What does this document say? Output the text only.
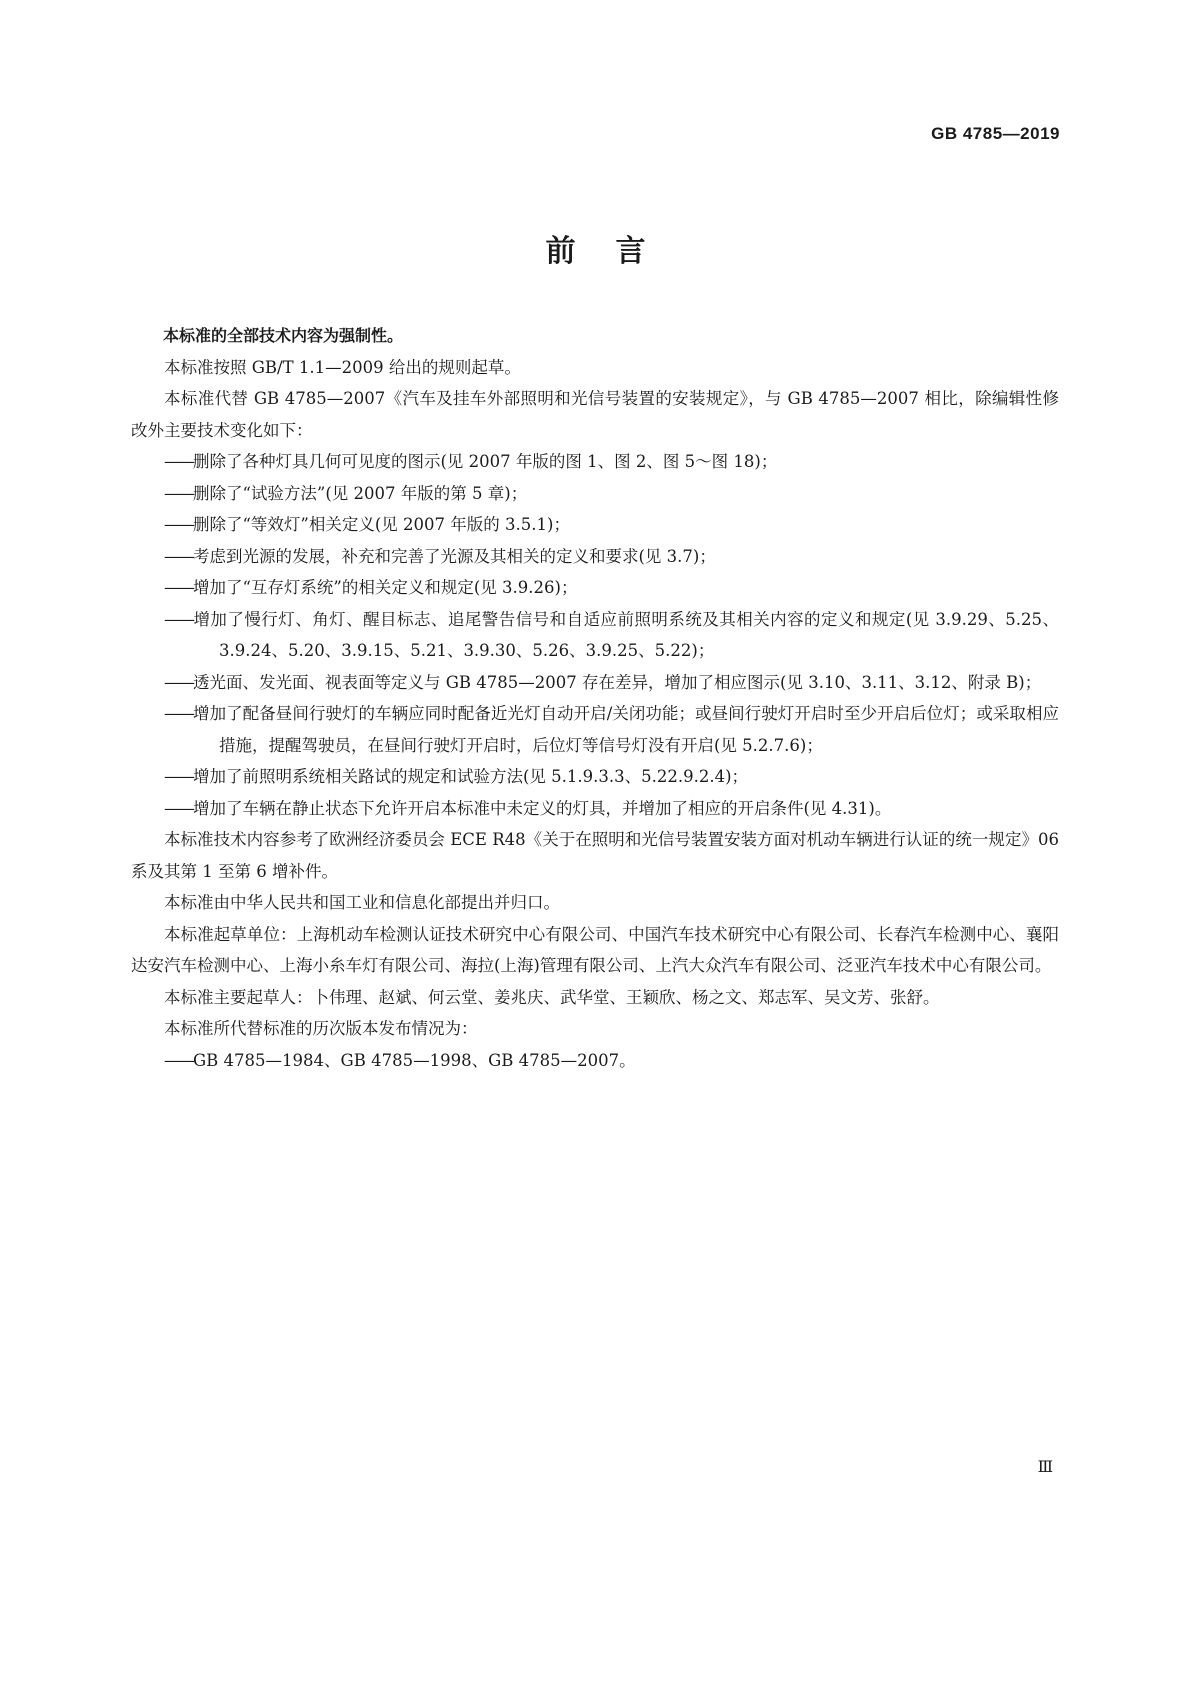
GB 4785—2019
前言

本标准的全部技术内容为强制性。

本标准按照 GB/T 1.1—2009 给出的规则起草。

本标准代替 GB 4785—2007《汽车及挂车外部照明和光信号装置的安装规定》，与 GB 4785—2007 相比，除编辑性修改外主要技术变化如下：

——删除了各种灯具几何可见度的图示(见 2007 年版的图 1、图 2、图 5～图 18)；

——删除了“试验方法”(见 2007 年版的第 5 章)；

——删除了“等效灯”相关定义(见 2007 年版的 3.5.1)；

——考虑到光源的发展，补充和完善了光源及其相关的定义和要求(见 3.7)；

——增加了“互存灯系统”的相关定义和规定(见 3.9.26)；

——增加了慢行灯、角灯、醒目标志、追尾警告信号和自适应前照明系统及其相关内容的定义和规定(见 3.9.29、5.25、3.9.24、5.20、3.9.15、5.21、3.9.30、5.26、3.9.25、5.22)；

——透光面、发光面、视表面等定义与 GB 4785—2007 存在差异，增加了相应图示(见 3.10、3.11、3.12、附录 B)；

——增加了配备昼间行驶灯的车辆应同时配备近光灯自动开启/关闭功能；或昼间行驶灯开启时至少开启后位灯；或采取相应措施，提醒驾驶员，在昼间行驶灯开启时，后位灯等信号灯没有开启(见 5.2.7.6)；

——增加了前照明系统相关路试的规定和试验方法(见 5.1.9.3.3、5.22.9.2.4)；

——增加了车辆在静止状态下允许开启本标准中未定义的灯具，并增加了相应的开启条件(见 4.31)。

本标准技术内容参考了欧洲经济委员会 ECE R48《关于在照明和光信号装置安装方面对机动车辆进行认证的统一规定》06 系及其第 1 至第 6 增补件。

本标准由中华人民共和国工业和信息化部提出并归口。

本标准起草单位：上海机动车检测认证技术研究中心有限公司、中国汽车技术研究中心有限公司、长春汽车检测中心、襄阳达安汽车检测中心、上海小糸车灯有限公司、海拉(上海)管理有限公司、上汽大众汽车有限公司、泛亚汽车技术中心有限公司。

本标准主要起草人：卜伟理、赵斌、何云堂、姜兆庆、武华堂、王颖欣、杨之文、郑志军、吴文芳、张舒。

本标准所代替标准的历次版本发布情况为：

——GB 4785—1984、GB 4785—1998、GB 4785—2007。

Ⅲ
